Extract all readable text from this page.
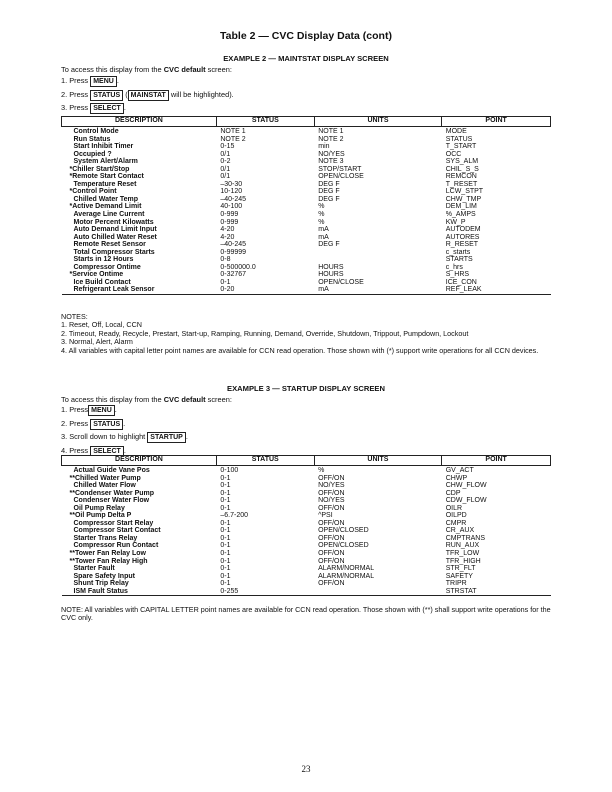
Table 2 — CVC Display Data (cont)
EXAMPLE 2 — MAINTSTAT DISPLAY SCREEN
To access this display from the CVC default screen:
1. Press MENU .
2. Press STATUS ( MAINSTAT will be highlighted).
3. Press SELECT .
DESCRIPTION	STATUS	UNITS	POINT
Control Mode	NOTE 1	NOTE 1	MODE
Run Status	NOTE 2	NOTE 2	STATUS
Start Inhibit Timer	0-15	min	T_START
Occupied ?	0/1	NO/YES	OCC
System Alert/Alarm	0-2	NOTE 3	SYS_ALM
*Chiller Start/Stop	0/1	STOP/START	CHIL_S_S
*Remote Start Contact	0/1	OPEN/CLOSE	REMCON
Temperature Reset	–30-30	DEG F	T_RESET
*Control Point	10-120	DEG F	LCW_STPT
Chilled Water Temp	–40-245	DEG F	CHW_TMP
*Active Demand Limit	40-100	%	DEM_LIM
Average Line Current	0-999	%	%_AMPS
Motor Percent Kilowatts	0-999	%	KW_P
Auto Demand Limit Input	4-20	mA	AUTODEM
Auto Chilled Water Reset	4-20	mA	AUTORES
Remote Reset Sensor	–40-245	DEG F	R_RESET
Total Compressor Starts	0-99999		c_starts
Starts in 12 Hours	0-8		STARTS
Compressor Ontime	0-500000.0	HOURS	c_hrs
*Service Ontime	0-32767	HOURS	S_HRS
Ice Build Contact	0-1	OPEN/CLOSE	ICE_CON
Refrigerant Leak Sensor	0-20	mA	REF_LEAK

NOTES:

1. Reset, Off, Local, CCN

2. Timeout, Ready, Recycle, Prestart, Start-up, Ramping, Running, Demand, Override, Shutdown, Trippout, Pumpdown, Lockout

3. Normal, Alert, Alarm

4. All variables with capital letter point names are available for CCN read operation. Those shown with (*) support write operations for all CCN devices.

EXAMPLE 3 — STARTUP DISPLAY SCREEN
To access this display from the CVC default screen:
1. Press MENU .
2. Press STATUS .
3. Scroll down to highlight STARTUP .
4. Press SELECT .
DESCRIPTION	STATUS	UNITS	POINT
Actual Guide Vane Pos	0-100	%	GV_ACT
**Chilled Water Pump	0-1	OFF/ON	CHWP
Chilled Water Flow	0-1	NO/YES	CHW_FLOW
**Condenser Water Pump	0-1	OFF/ON	CDP
Condenser Water Flow	0-1	NO/YES	CDW_FLOW
Oil Pump Relay	0-1	OFF/ON	OILR
**Oil Pump Delta P	–6.7-200	^PSI	OILPD
Compressor Start Relay	0-1	OFF/ON	CMPR
Compressor Start Contact	0-1	OPEN/CLOSED	CR_AUX
Starter Trans Relay	0-1	OFF/ON	CMPTRANS
Compressor Run Contact	0-1	OPEN/CLOSED	RUN_AUX
**Tower Fan Relay Low	0-1	OFF/ON	TFR_LOW
**Tower Fan Relay High	0-1	OFF/ON	TFR_HIGH
Starter Fault	0-1	ALARM/NORMAL	STR_FLT
Spare Safety Input	0-1	ALARM/NORMAL	SAFETY
Shunt Trip Relay	0-1	OFF/ON	TRIPR
ISM Fault Status	0-255		STRSTAT
NOTE: All variables with CAPITAL LETTER point names are available for CCN read operation. Those shown with (**) shall support write operations for the CVC only.
23
